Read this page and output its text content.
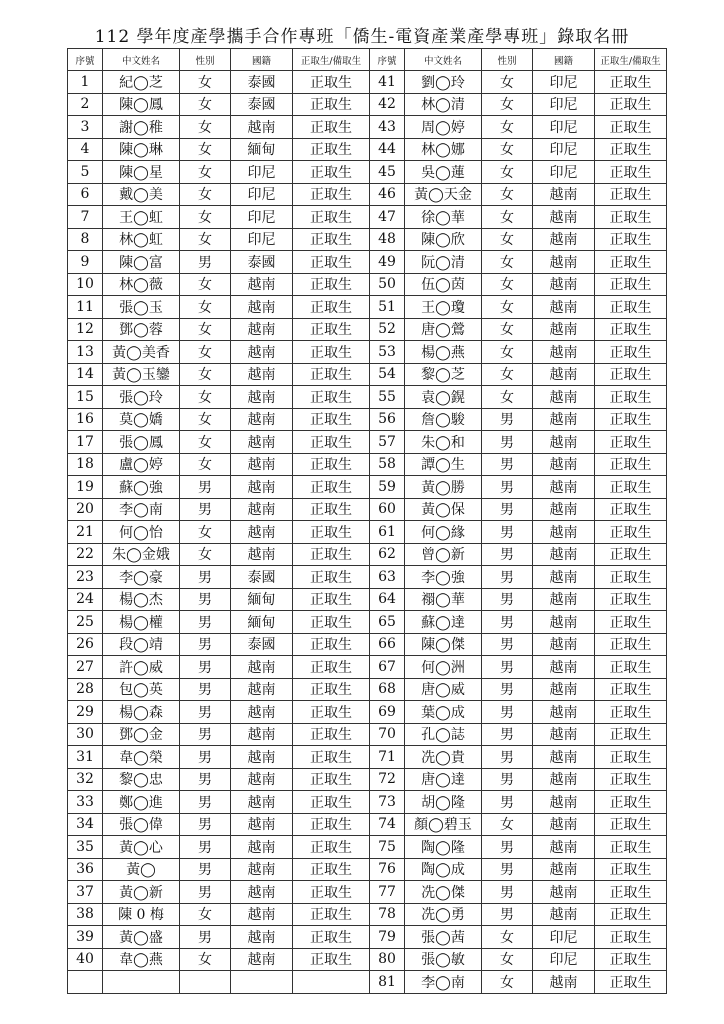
112 學年度產學攜手合作專班「僑生-電資產業產學專班」錄取名冊
序號	中文姓名	性別	國籍	正取生/備取生	序號	中文姓名	性別	國籍	正取生/備取生
1	紀◯芝	女	泰國	正取生	41	劉◯玲	女	印尼	正取生
2	陳◯鳳	女	泰國	正取生	42	林◯清	女	印尼	正取生
3	謝◯稚	女	越南	正取生	43	周◯婷	女	印尼	正取生
4	陳◯琳	女	緬甸	正取生	44	林◯娜	女	印尼	正取生
5	陳◯星	女	印尼	正取生	45	吳◯蓮	女	印尼	正取生
6	戴◯美	女	印尼	正取生	46	黃◯天金	女	越南	正取生
7	王◯虹	女	印尼	正取生	47	徐◯華	女	越南	正取生
8	林◯虹	女	印尼	正取生	48	陳◯欣	女	越南	正取生
9	陳◯富	男	泰國	正取生	49	阮◯清	女	越南	正取生
10	林◯薇	女	越南	正取生	50	伍◯茵	女	越南	正取生
11	張◯玉	女	越南	正取生	51	王◯瓊	女	越南	正取生
12	鄧◯蓉	女	越南	正取生	52	唐◯鶯	女	越南	正取生
13	黃◯美香	女	越南	正取生	53	楊◯燕	女	越南	正取生
14	黃◯玉鑾	女	越南	正取生	54	黎◯芝	女	越南	正取生
15	張◯玲	女	越南	正取生	55	袁◯鎤	女	越南	正取生
16	莫◯嬌	女	越南	正取生	56	詹◯駿	男	越南	正取生
17	張◯鳳	女	越南	正取生	57	朱◯和	男	越南	正取生
18	盧◯婷	女	越南	正取生	58	譚◯生	男	越南	正取生
19	蘇◯強	男	越南	正取生	59	黃◯勝	男	越南	正取生
20	李◯南	男	越南	正取生	60	黃◯保	男	越南	正取生
21	何◯怡	女	越南	正取生	61	何◯緣	男	越南	正取生
22	朱◯金娥	女	越南	正取生	62	曾◯新	男	越南	正取生
23	李◯豪	男	泰國	正取生	63	李◯強	男	越南	正取生
24	楊◯杰	男	緬甸	正取生	64	禤◯華	男	越南	正取生
25	楊◯權	男	緬甸	正取生	65	蘇◯達	男	越南	正取生
26	段◯靖	男	泰國	正取生	66	陳◯傑	男	越南	正取生
27	許◯威	男	越南	正取生	67	何◯洲	男	越南	正取生
28	包◯英	男	越南	正取生	68	唐◯威	男	越南	正取生
29	楊◯森	男	越南	正取生	69	葉◯成	男	越南	正取生
30	鄧◯金	男	越南	正取生	70	孔◯誌	男	越南	正取生
31	韋◯榮	男	越南	正取生	71	冼◯貴	男	越南	正取生
32	黎◯忠	男	越南	正取生	72	唐◯達	男	越南	正取生
33	鄭◯進	男	越南	正取生	73	胡◯隆	男	越南	正取生
34	張◯偉	男	越南	正取生	74	顏◯碧玉	女	越南	正取生
35	黃◯心	男	越南	正取生	75	陶◯隆	男	越南	正取生
36	黃◯	男	越南	正取生	76	陶◯成	男	越南	正取生
37	黃◯新	男	越南	正取生	77	冼◯傑	男	越南	正取生
38	陳 0 梅	女	越南	正取生	78	冼◯勇	男	越南	正取生
39	黃◯盛	男	越南	正取生	79	張◯茜	女	印尼	正取生
40	韋◯燕	女	越南	正取生	80	張◯敏	女	印尼	正取生
					81	李◯南	女	越南	正取生
